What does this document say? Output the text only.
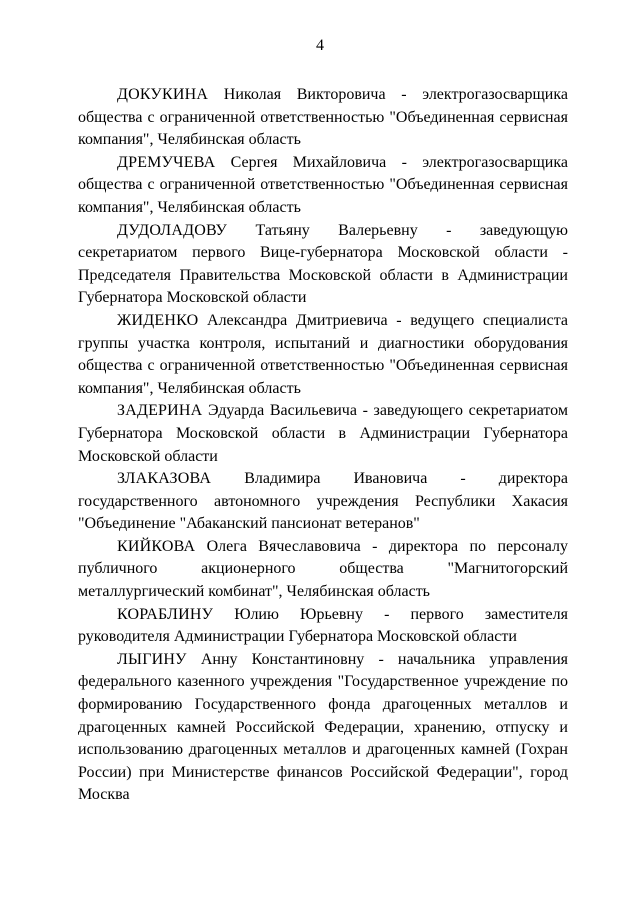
4

ДОКУКИНА Николая Викторовича - электрогазосварщика общества с ограниченной ответственностью "Объединенная сервисная компания", Челябинская область

ДРЕМУЧЕВА Сергея Михайловича - электрогазосварщика общества с ограниченной ответственностью "Объединенная сервисная компания", Челябинская область

ДУДОЛАДОВУ Татьяну Валерьевну - заведующую секретариатом первого Вице-губернатора Московской области - Председателя Правительства Московской области в Администрации Губернатора Московской области

ЖИДЕНКО Александра Дмитриевича - ведущего специалиста группы участка контроля, испытаний и диагностики оборудования общества с ограниченной ответственностью "Объединенная сервисная компания", Челябинская область

ЗАДЕРИНА Эдуарда Васильевича - заведующего секретариатом Губернатора Московской области в Администрации Губернатора Московской области

ЗЛАКАЗОВА Владимира Ивановича - директора государственного автономного учреждения Республики Хакасия "Объединение "Абаканский пансионат ветеранов"

КИЙКОВА Олега Вячеславовича - директора по персоналу публичного акционерного общества "Магнитогорский металлургический комбинат", Челябинская область

КОРАБЛИНУ Юлию Юрьевну - первого заместителя руководителя Администрации Губернатора Московской области

ЛЫГИНУ Анну Константиновну - начальника управления федерального казенного учреждения "Государственное учреждение по формированию Государственного фонда драгоценных металлов и драгоценных камней Российской Федерации, хранению, отпуску и использованию драгоценных металлов и драгоценных камней (Гохран России) при Министерстве финансов Российской Федерации", город Москва
